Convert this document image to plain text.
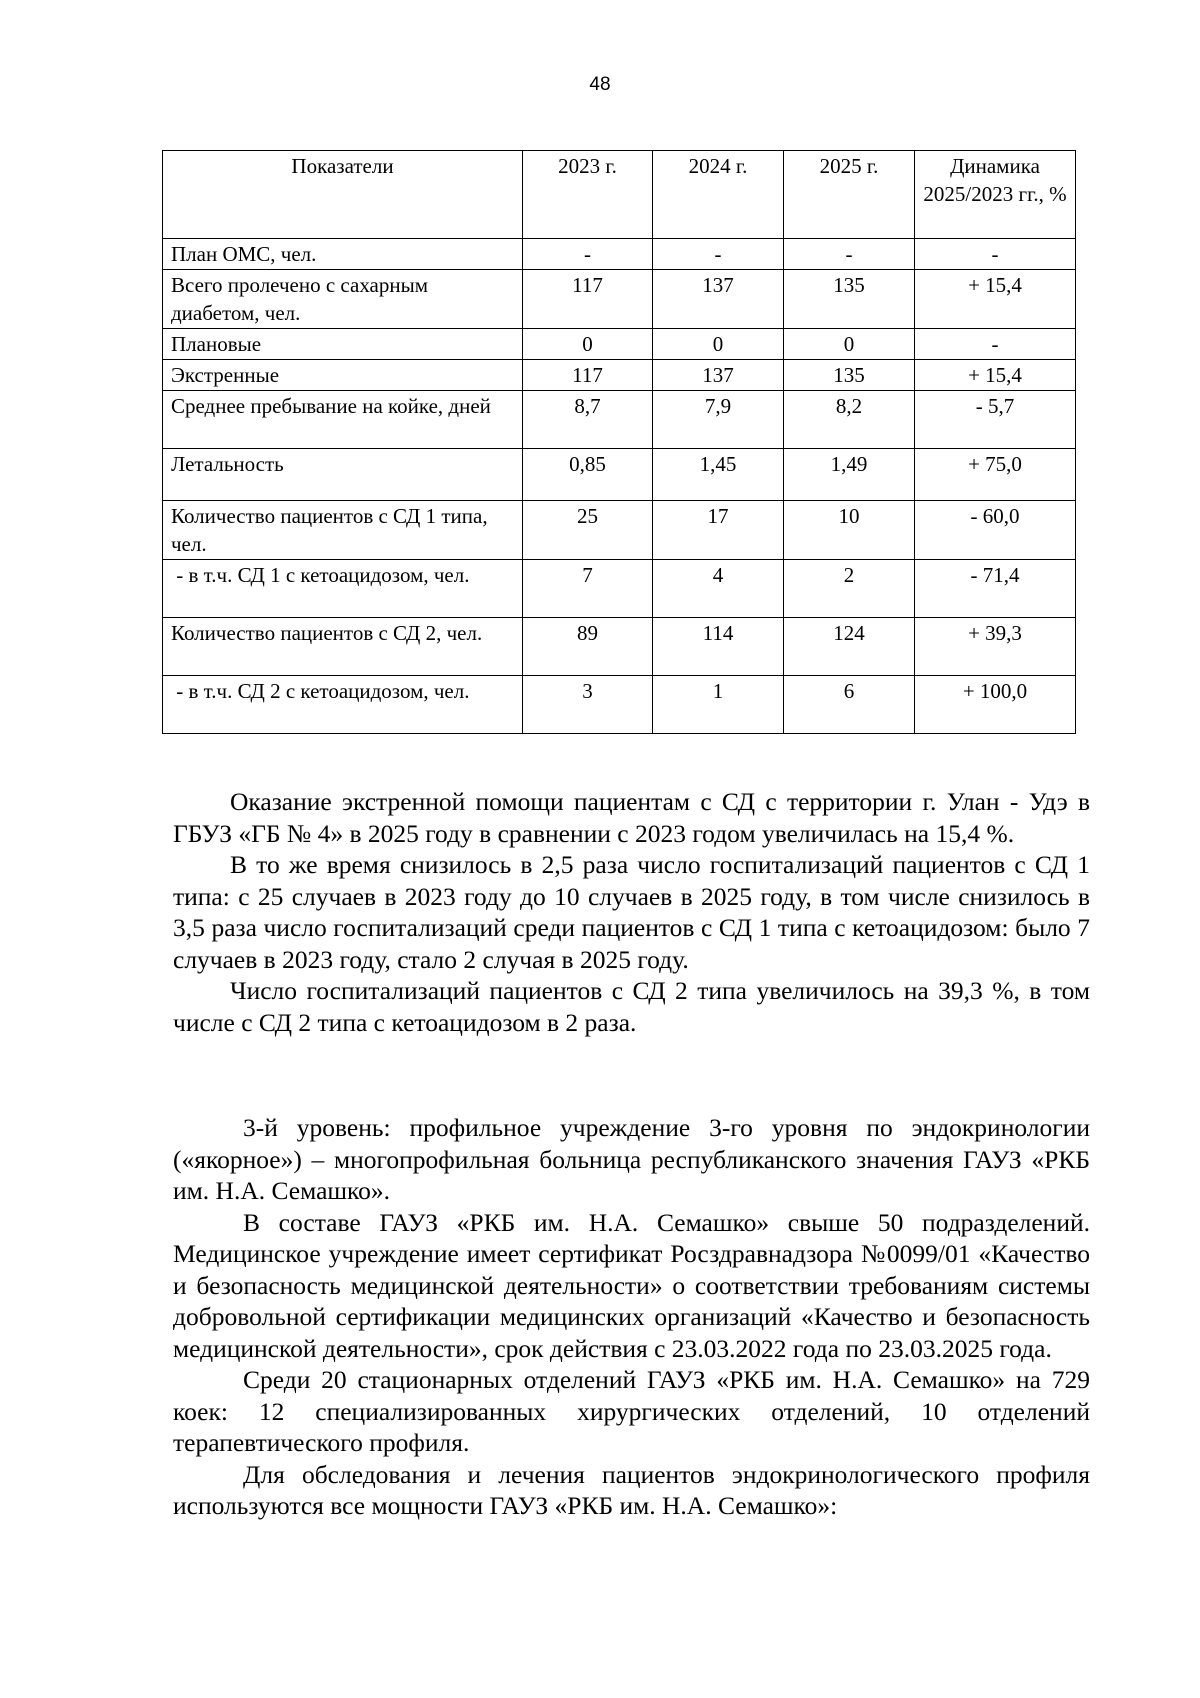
48
Показатели	2023 г.	2024 г.	2025 г.	Динамика 2025/2023 гг., %
План ОМС, чел.	-	-	-	-
Всего пролечено с сахарным диабетом, чел.	117	137	135	+ 15,4
Плановые	0	0	0	-
Экстренные	117	137	135	+ 15,4
Среднее пребывание на койке, дней	8,7	7,9	8,2	- 5,7
Летальность	0,85	1,45	1,49	+ 75,0
Количество пациентов с СД 1 типа, чел.	25	17	10	- 60,0
- в т.ч. СД 1 с кетоацидозом, чел.	7	4	2	- 71,4
Количество пациентов с СД 2, чел.	89	114	124	+ 39,3
- в т.ч. СД 2 с кетоацидозом, чел.	3	1	6	+ 100,0

Оказание экстренной помощи пациентам с СД с территории г. Улан - Удэ в ГБУЗ «ГБ № 4» в 2025 году в сравнении с 2023 годом увеличилась на 15,4 %.

В то же время снизилось в 2,5 раза число госпитализаций пациентов с СД 1 типа: с 25 случаев в 2023 году до 10 случаев в 2025 году, в том числе снизилось в 3,5 раза число госпитализаций среди пациентов с СД 1 типа с кетоацидозом: было 7 случаев в 2023 году, стало 2 случая в 2025 году.

Число госпитализаций пациентов с СД 2 типа увеличилось на 39,3 %, в том числе с СД 2 типа с кетоацидозом в 2 раза.

3-й уровень: профильное учреждение 3-го уровня по эндокринологии («якорное») – многопрофильная больница республиканского значения ГАУЗ «РКБ им. Н.А. Семашко».

В составе ГАУЗ «РКБ им. Н.А. Семашко» свыше 50 подразделений. Медицинское учреждение имеет сертификат Росздравнадзора №0099/01 «Качество и безопасность медицинской деятельности» о соответствии требованиям системы добровольной сертификации медицинских организаций «Качество и безопасность медицинской деятельности», срок действия с 23.03.2022 года по 23.03.2025 года.

Среди 20 стационарных отделений ГАУЗ «РКБ им. Н.А. Семашко» на 729 коек: 12 специализированных хирургических отделений, 10 отделений терапевтического профиля.

Для обследования и лечения пациентов эндокринологического профиля используются все мощности ГАУЗ «РКБ им. Н.А. Семашко»:
